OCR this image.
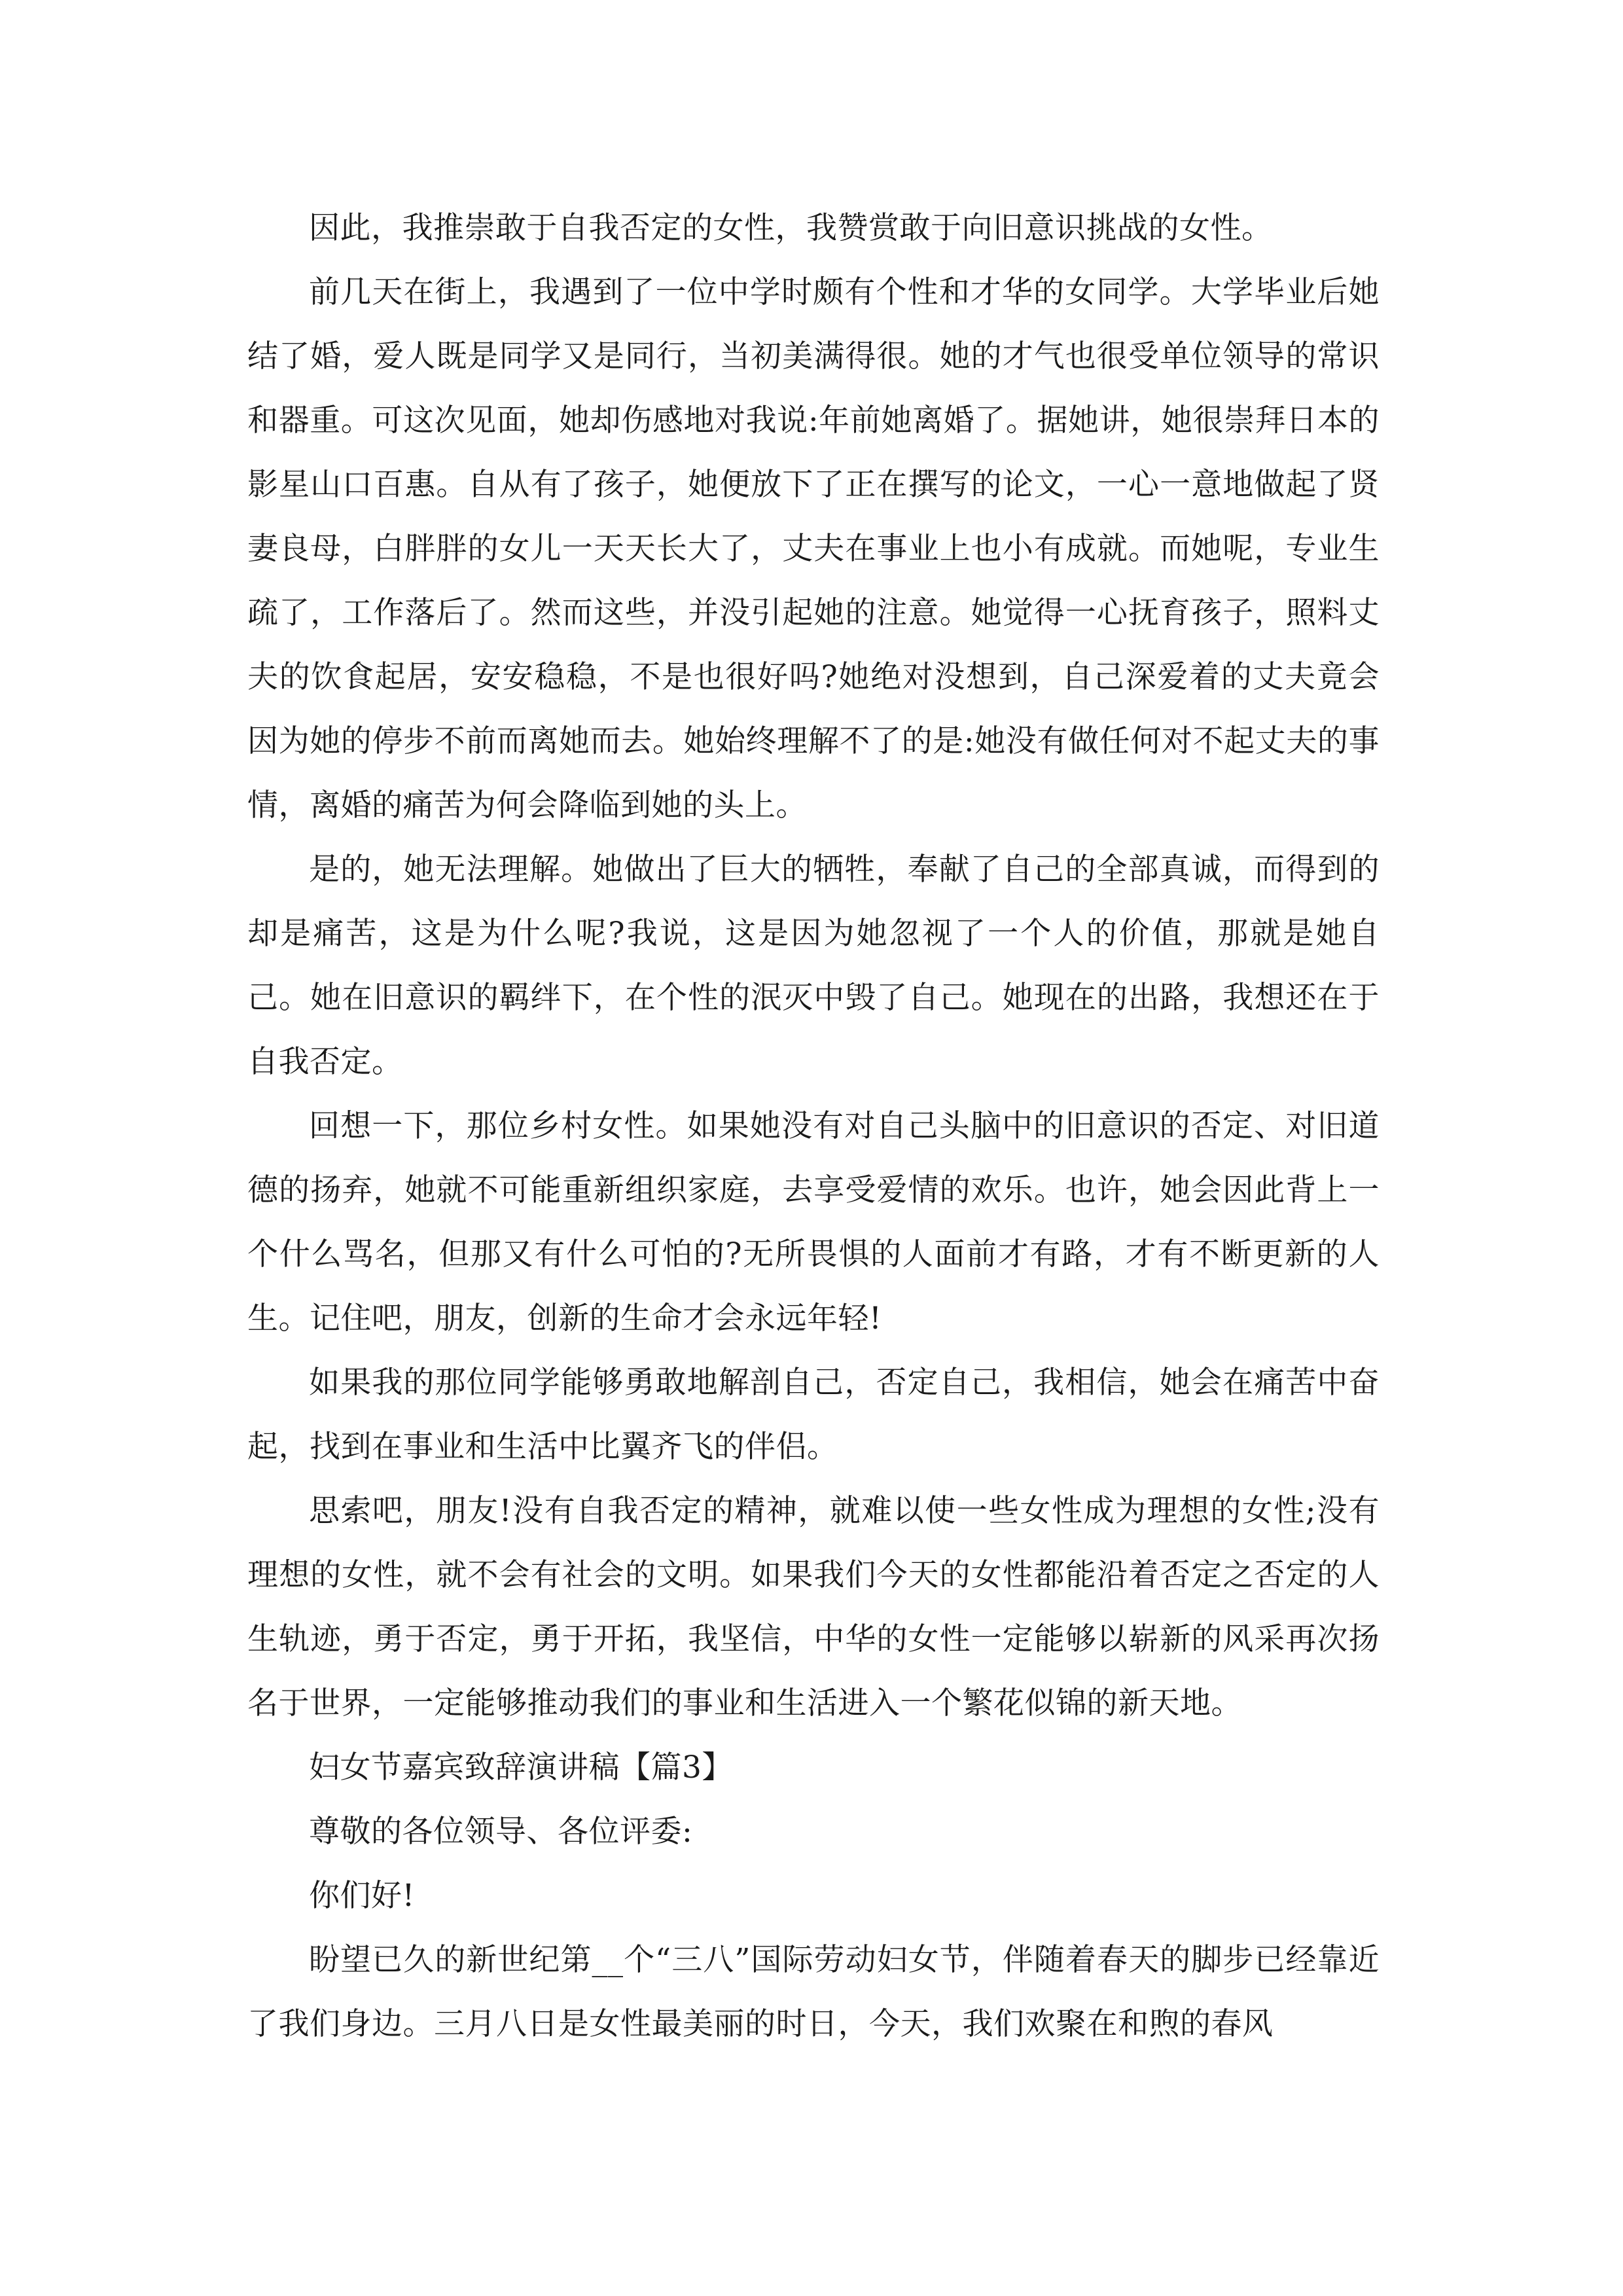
因此，我推崇敢于自我否定的女性，我赞赏敢于向旧意识挑战的女性。

前几天在街上，我遇到了一位中学时颇有个性和才华的女同学。大学毕业后她结了婚，爱人既是同学又是同行，当初美满得很。她的才气也很受单位领导的常识和器重。可这次见面，她却伤感地对我说:年前她离婚了。据她讲，她很崇拜日本的影星山口百惠。自从有了孩子，她便放下了正在撰写的论文，一心一意地做起了贤妻良母，白胖胖的女儿一天天长大了，丈夫在事业上也小有成就。而她呢，专业生疏了，工作落后了。然而这些，并没引起她的注意。她觉得一心抚育孩子，照料丈夫的饮食起居，安安稳稳，不是也很好吗?她绝对没想到，自己深爱着的丈夫竟会因为她的停步不前而离她而去。她始终理解不了的是:她没有做任何对不起丈夫的事情，离婚的痛苦为何会降临到她的头上。

是的，她无法理解。她做出了巨大的牺牲，奉献了自己的全部真诚，而得到的却是痛苦，这是为什么呢?我说，这是因为她忽视了一个人的价值，那就是她自己。她在旧意识的羁绊下，在个性的泯灭中毁了自己。她现在的出路，我想还在于自我否定。

回想一下，那位乡村女性。如果她没有对自己头脑中的旧意识的否定、对旧道德的扬弃，她就不可能重新组织家庭，去享受爱情的欢乐。也许，她会因此背上一个什么骂名，但那又有什么可怕的?无所畏惧的人面前才有路，才有不断更新的人生。记住吧，朋友，创新的生命才会永远年轻!

如果我的那位同学能够勇敢地解剖自己，否定自己，我相信，她会在痛苦中奋起，找到在事业和生活中比翼齐飞的伴侣。

思索吧，朋友!没有自我否定的精神，就难以使一些女性成为理想的女性;没有理想的女性，就不会有社会的文明。如果我们今天的女性都能沿着否定之否定的人生轨迹，勇于否定，勇于开拓，我坚信，中华的女性一定能够以崭新的风采再次扬名于世界，一定能够推动我们的事业和生活进入一个繁花似锦的新天地。

妇女节嘉宾致辞演讲稿【篇3】

尊敬的各位领导、各位评委:

你们好!

盼望已久的新世纪第__个“三八”国际劳动妇女节，伴随着春天的脚步已经靠近了我们身边。三月八日是女性最美丽的时日，今天，我们欢聚在和煦的春风
